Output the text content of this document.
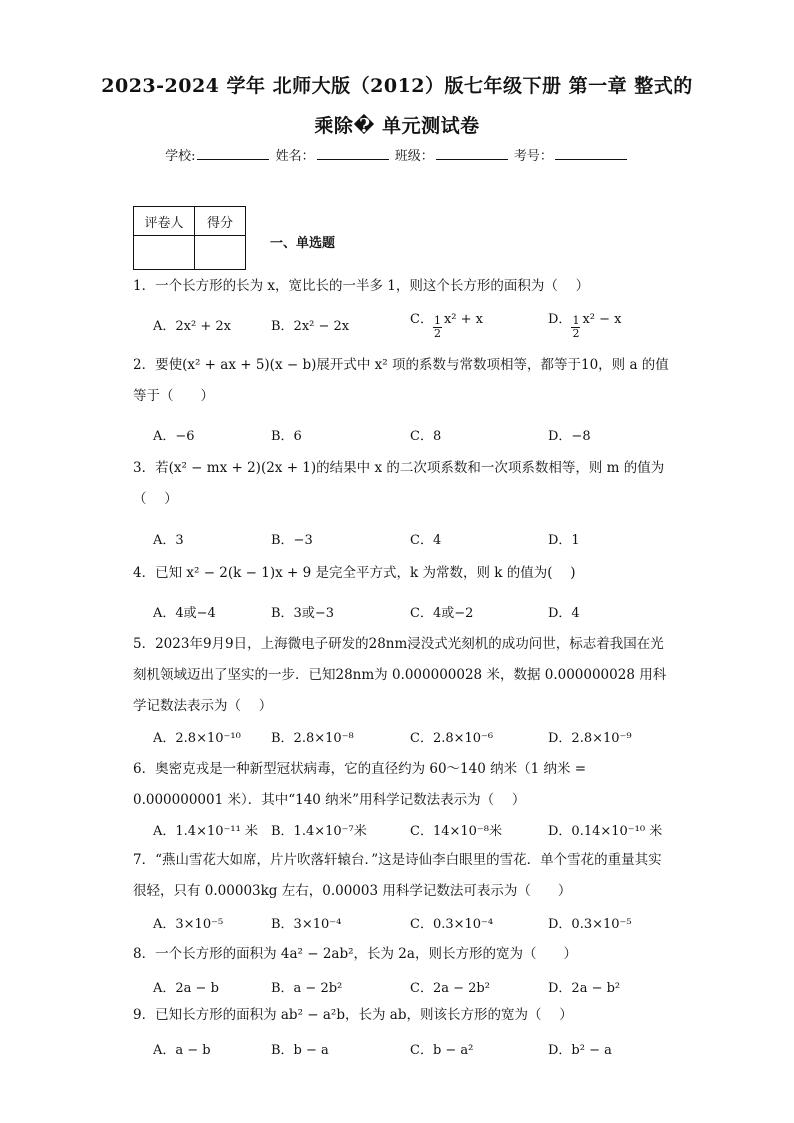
2023-2024 学年 北师大版（2012）版七年级下册 第一章 整式的乘除� 单元测试卷
学校:	姓名：	班级：	考号：
评卷人	得分

一、单选题
1．一个长方形的长为 x，宽比长的一半多 1，则这个长方形的面积为（　 ）
A．2x² + 2x	B．2x² − 2x	C． $\frac{1}{2} x^2 + x$	D． $\frac{1}{2} x^2 - x$
2．要使(x² + ax + 5)(x − b)展开式中 x² 项的系数与常数项相等，都等于10，则 a 的值等于（　　）
A．−6	B．6	C．8	D．−8
3．若(x² − mx + 2)(2x + 1)的结果中 x 的二次项系数和一次项系数相等，则 m 的值为（　 ）
A．3	B．−3	C．4	D．1
4．已知 x² − 2(k − 1)x + 9 是完全平方式，k 为常数，则 k 的值为(　 )
A．4或−4	B．3或−3	C．4或−2	D．4
5．2023年9月9日，上海微电子研发的28nm浸没式光刻机的成功问世，标志着我国在光刻机领域迈出了坚实的一步．已知28nm为 0.000000028 米，数据 0.000000028 用科学记数法表示为（　 ）
A．2.8×10⁻¹⁰ B．2.8×10⁻⁸	C．2.8×10⁻⁶	D．2.8×10⁻⁹
6．奥密克戎是一种新型冠状病毒，它的直径约为 60～140 纳米（1 纳米 = 0.000000001 米）．其中“140 纳米”用科学记数法表示为（　 ）
A．1.4×10⁻¹¹ 米 B．1.4×10⁻⁷米	C．14×10⁻⁸米	D．0.14×10⁻¹⁰ 米
7．“燕山雪花大如席，片片吹落轩辕台．”这是诗仙李白眼里的雪花．单个雪花的重量其实很轻，只有 0.00003kg 左右，0.00003 用科学记数法可表示为（　　）
A．3×10⁻⁵	B．3×10⁻⁴	C．0.3×10⁻⁴	D．0.3×10⁻⁵
8．一个长方形的面积为 4a² − 2ab²，长为 2a，则长方形的宽为（　　）
A．2a − b	B．a − 2b²	C．2a − 2b²	D．2a − b²
9．已知长方形的面积为 ab² − a²b，长为 ab，则该长方形的宽为（　 ）
A．a − b	B．b − a	C．b − a²	D．b² − a
